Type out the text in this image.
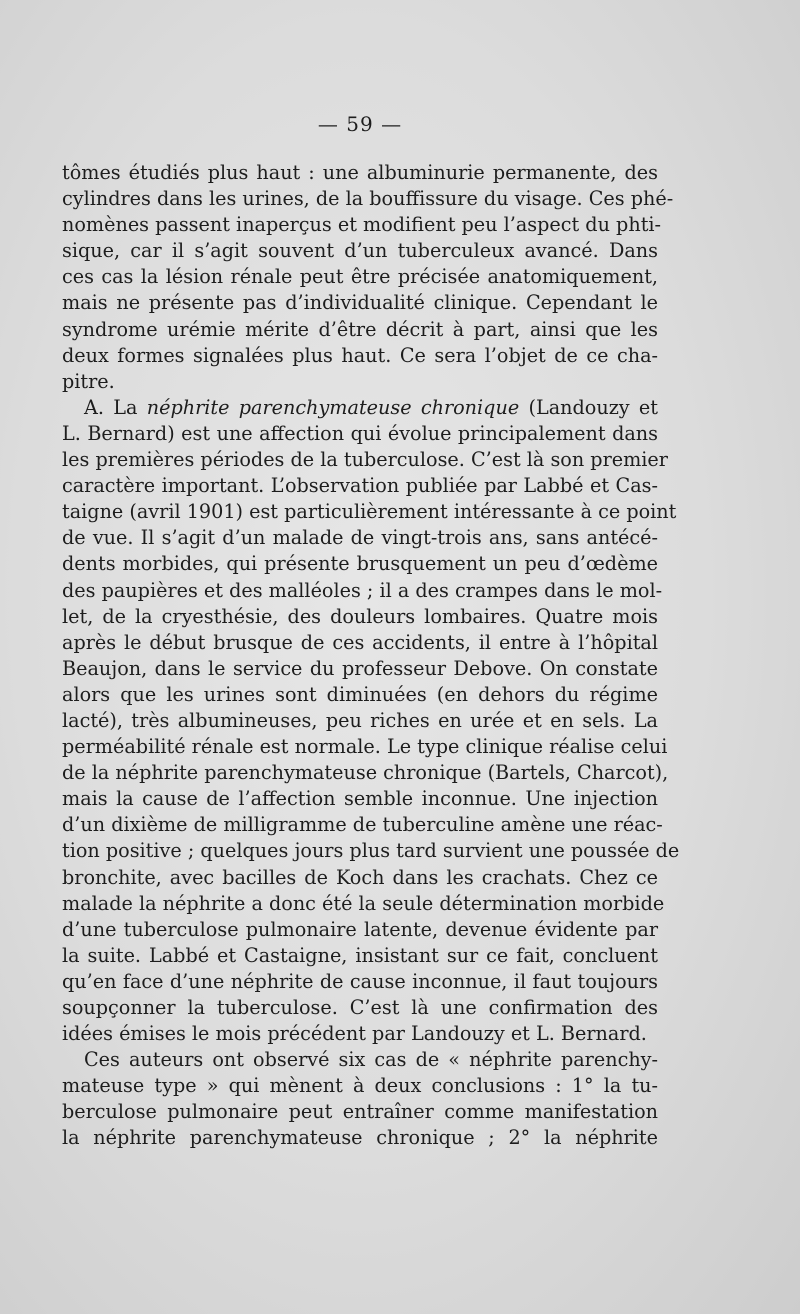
— 59 —
tômes étudiés plus haut : une albuminurie permanente, des
cylindres dans les urines, de la bouffissure du visage. Ces phé-
nomènes passent inaperçus et modifient peu l’aspect du phti-
sique, car il s’agit souvent d’un tuberculeux avancé. Dans
ces cas la lésion rénale peut être précisée anatomiquement,
mais ne présente pas d’individualité clinique. Cependant le
syndrome urémie mérite d’être décrit à part, ainsi que les
deux formes signalées plus haut. Ce sera l’objet de ce cha-
pitre.
A. La néphrite parenchymateuse chronique (Landouzy et
L. Bernard) est une affection qui évolue principalement dans
les premières périodes de la tuberculose. C’est là son premier
caractère important. L’observation publiée par Labbé et Cas-
taigne (avril 1901) est particulièrement intéressante à ce point
de vue. Il s’agit d’un malade de vingt-trois ans, sans antécé-
dents morbides, qui présente brusquement un peu d’œdème
des paupières et des malléoles ; il a des crampes dans le mol-
let, de la cryesthésie, des douleurs lombaires. Quatre mois
après le début brusque de ces accidents, il entre à l’hôpital
Beaujon, dans le service du professeur Debove. On constate
alors que les urines sont diminuées (en dehors du régime
lacté), très albumineuses, peu riches en urée et en sels. La
perméabilité rénale est normale. Le type clinique réalise celui
de la néphrite parenchymateuse chronique (Bartels, Charcot),
mais la cause de l’affection semble inconnue. Une injection
d’un dixième de milligramme de tuberculine amène une réac-
tion positive ; quelques jours plus tard survient une poussée de
bronchite, avec bacilles de Koch dans les crachats. Chez ce
malade la néphrite a donc été la seule détermination morbide
d’une tuberculose pulmonaire latente, devenue évidente par
la suite. Labbé et Castaigne, insistant sur ce fait, concluent
qu’en face d’une néphrite de cause inconnue, il faut toujours
soupçonner la tuberculose. C’est là une confirmation des
idées émises le mois précédent par Landouzy et L. Bernard.
Ces auteurs ont observé six cas de « néphrite parenchy-
mateuse type » qui mènent à deux conclusions : 1° la tu-
berculose pulmonaire peut entraîner comme manifestation
la néphrite parenchymateuse chronique ; 2° la néphrite
